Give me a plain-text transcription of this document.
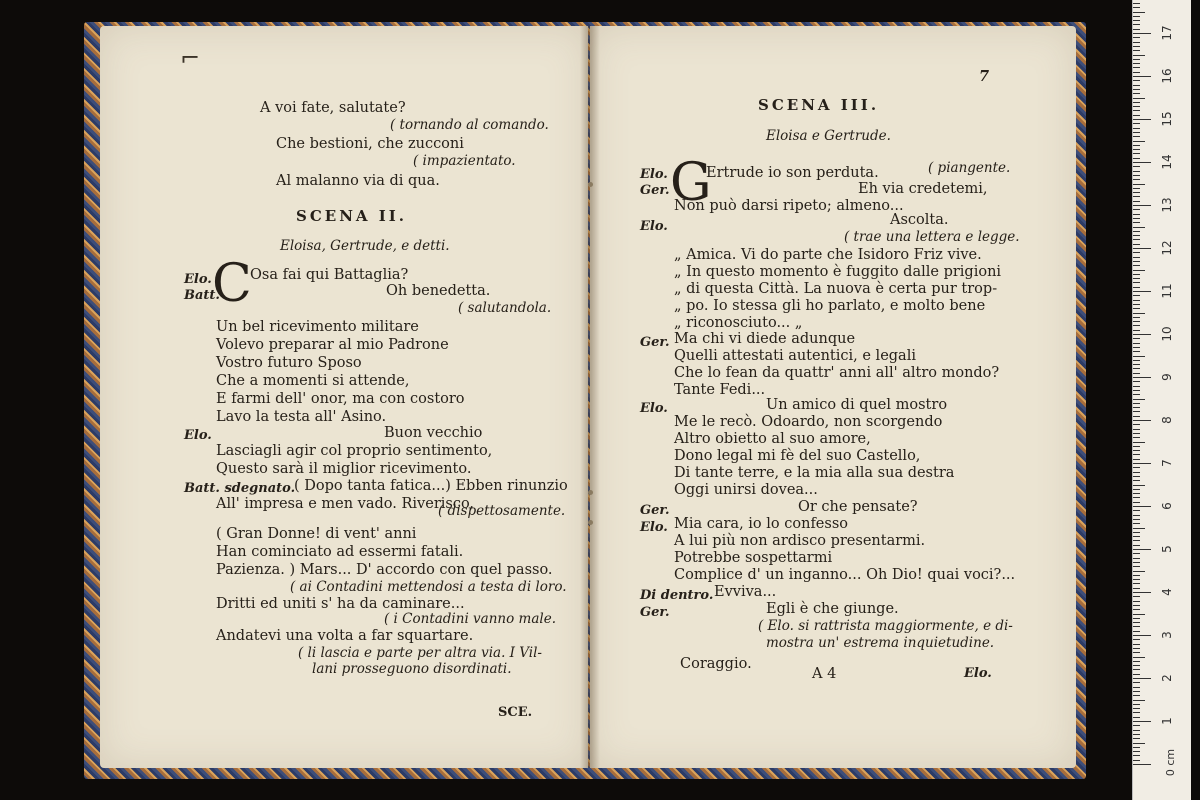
⌐
A voi fate, salutate?
( tornando al comando.
Che bestioni, che zucconi
( impazientato.
Al malanno via di qua.
SCENA II.
Eloisa, Gertrude, e detti.
Elo.
Batt.
C
Osa fai qui Battaglia?
Oh benedetta.
( salutandola.
Un bel ricevimento militare
Volevo preparar al mio Padrone
Vostro futuro Sposo
Che a momenti si attende,
E farmi dell' onor, ma con costoro
Lavo la testa all' Asino.
Elo.	Buon vecchio
Lasciagli agir col proprio sentimento,
Questo sarà il miglior ricevimento.
Batt. sdegnato.
( Dopo tanta fatica...) Ebben rinunzio
All' impresa e men vado. Riverisco.
( dispettosamente.
( Gran Donne! di vent' anni
Han cominciato ad essermi fatali.
Pazienza. ) Mars... D' accordo con quel passo.
( ai Contadini mettendosi a testa di loro.
Dritti ed uniti s' ha da caminare...
( i Contadini vanno male.
Andatevi una volta a far squartare.
( li lascia e parte per altra via. I Vil-
lani prosseguono disordinati.
SCE.
7
SCENA III.
Eloisa e Gertrude.
Elo.
Ger. G
Ertrude io son perduta.	( piangente.
Eh via credetemi,
Non può darsi ripeto; almeno...
Elo.	Ascolta.
( trae una lettera e legge.
„ Amica. Vi do parte che Isidoro Friz vive.
„ In questo momento è fuggito dalle prigioni
„ di questa Città. La nuova è certa pur trop-
„ po. Io stessa gli ho parlato, e molto bene
„ riconosciuto... „
Ger. Ma chi vi diede adunque
Quelli attestati autentici, e legali
Che lo fean da quattr' anni all' altro mondo?
Tante Fedi...
Elo.	Un amico di quel mostro
Me le recò. Odoardo, non scorgendo
Altro obietto al suo amore,
Dono legal mi fè del suo Castello,
Di tante terre, e la mia alla sua destra
Oggi unirsi dovea...
Ger.	Or che pensate?
Elo. Mia cara, io lo confesso
A lui più non ardisco presentarmi.
Potrebbe sospettarmi
Complice d' un inganno... Oh Dio! quai voci?...
Di dentro. Evviva...
Ger.	Egli è che giunge.
( Elo. si rattrista maggiormente, e di-
mostra un' estrema inquietudine.
Coraggio.
A 4	Elo.
1
2
3
4
5
6
7
8
9
10
11
12
13
14
15
16
17
0 cm
